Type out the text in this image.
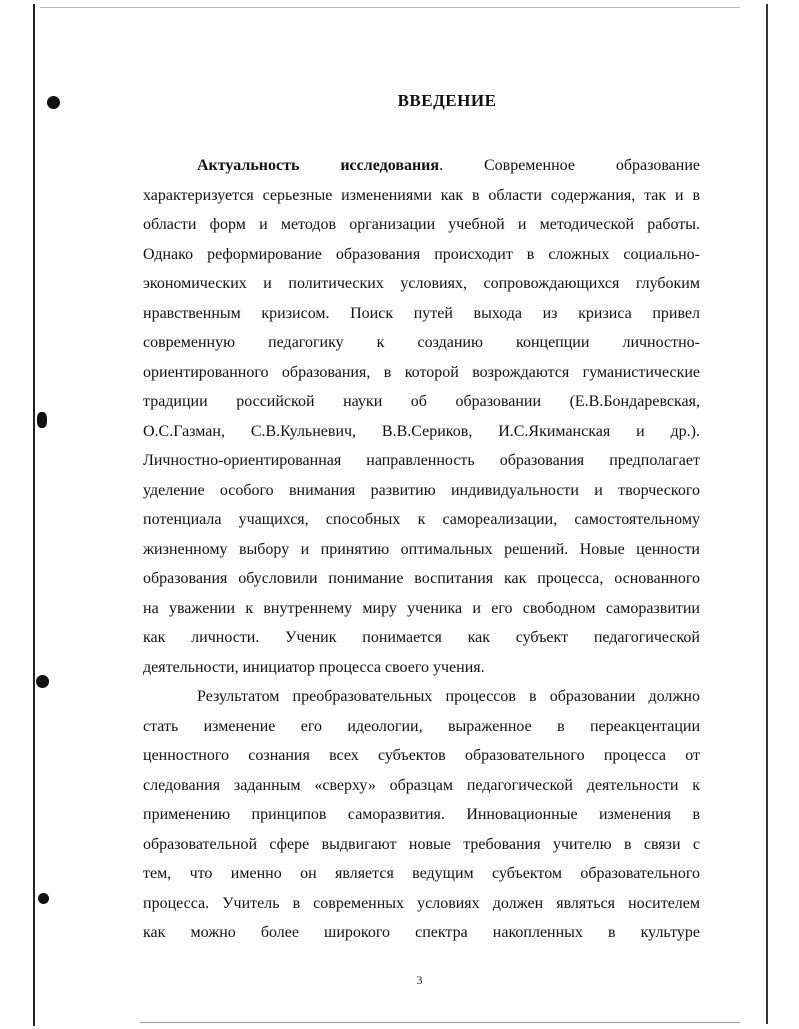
ВВЕДЕНИЕ
Актуальность исследования. Современное образование
характеризуется серьезные изменениями как в области содержания, так и в
области форм и методов организации учебной и методической работы.
Однако реформирование образования происходит в сложных социально-
экономических и политических условиях, сопровождающихся глубоким
нравственным кризисом. Поиск путей выхода из кризиса привел
современную педагогику к созданию концепции личностно-
ориентированного образования, в которой возрождаются гуманистические
традиции российской науки об образовании (Е.В.Бондаревская,
О.С.Газман, С.В.Кульневич, В.В.Сериков, И.С.Якиманская и др.).
Личностно-ориентированная направленность образования предполагает
уделение особого внимания развитию индивидуальности и творческого
потенциала учащихся, способных к самореализации, самостоятельному
жизненному выбору и принятию оптимальных решений. Новые ценности
образования обусловили понимание воспитания как процесса, основанного
на уважении к внутреннему миру ученика и его свободном саморазвитии
как личности. Ученик понимается как субъект педагогической
деятельности, инициатор процесса своего учения.
Результатом преобразовательных процессов в образовании должно
стать изменение его идеологии, выраженное в переакцентации
ценностного сознания всех субъектов образовательного процесса от
следования заданным «сверху» образцам педагогической деятельности к
применению принципов саморазвития. Инновационные изменения в
образовательной сфере выдвигают новые требования учителю в связи с
тем, что именно он является ведущим субъектом образовательного
процесса. Учитель в современных условиях должен являться носителем
как можно более широкого спектра накопленных в культуре
3
